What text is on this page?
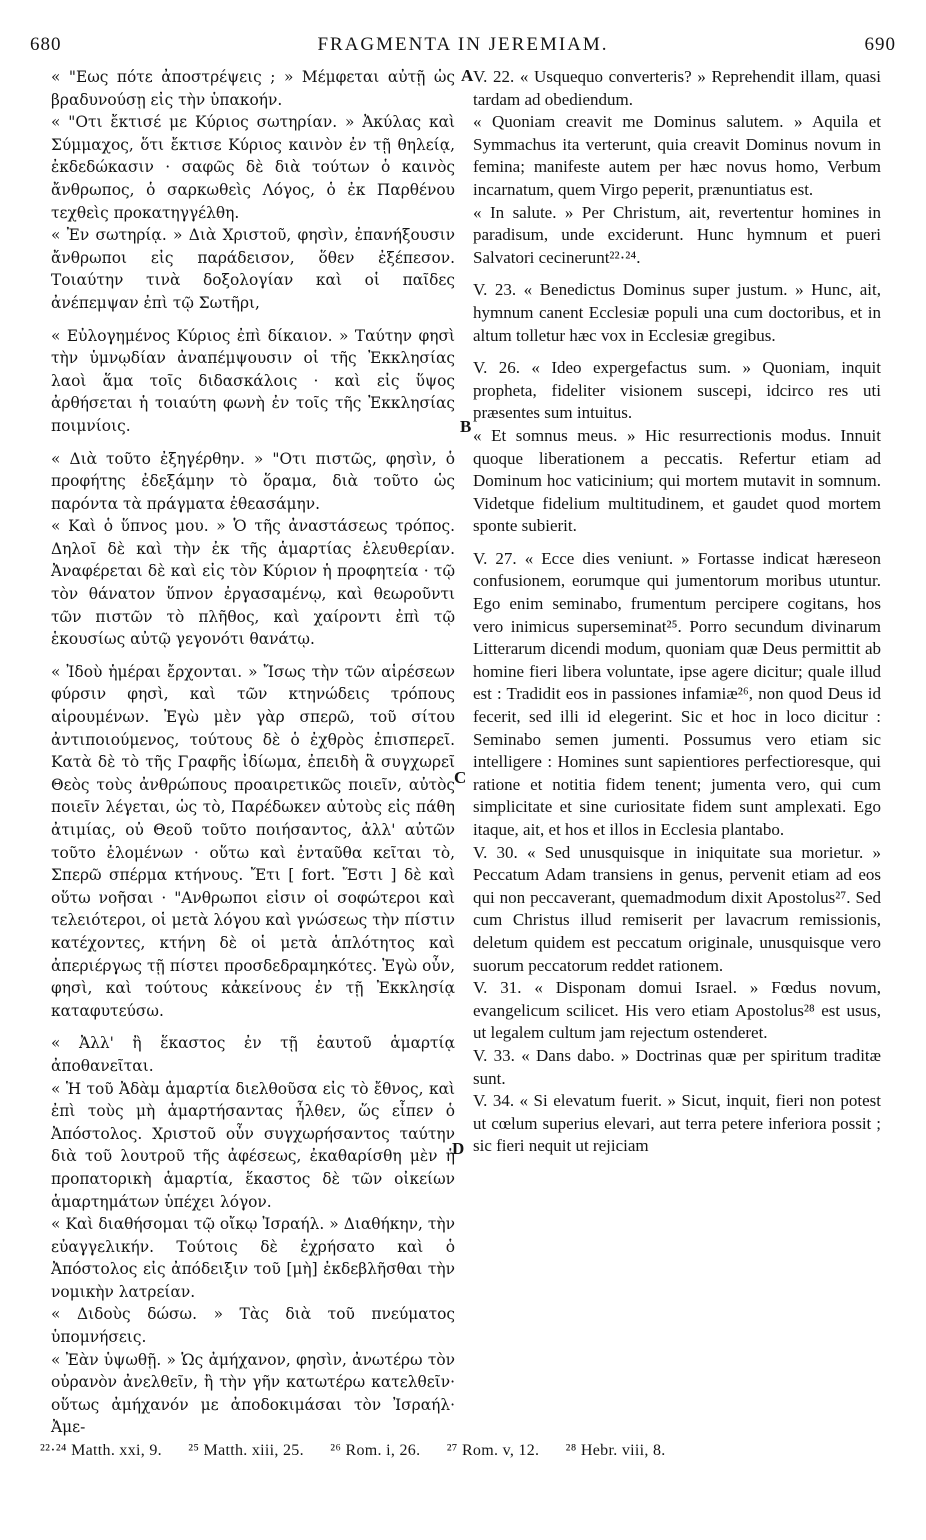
680	FRAGMENTA IN JEREMIAM.	690

« "Εως πότε ἀποστρέψεις ; » Μέμφεται αὐτῇ ὡς βραδυνούσῃ εἰς τὴν ὑπακοήν.

« "Οτι ἔκτισέ με Κύριος σωτηρίαν. » Ἀκύλας καὶ Σύμμαχος, ὅτι ἔκτισε Κύριος καινὸν ἐν τῇ θηλείᾳ, ἐκδεδώκασιν · σαφῶς δὲ διὰ τούτων ὁ καινὸς ἄνθρωπος, ὁ σαρκωθεὶς Λόγος, ὁ ἐκ Παρθένου τεχθεὶς προκατηγγέλθη.

« Ἐν σωτηρίᾳ. » Διὰ Χριστοῦ, φησὶν, ἐπανήξουσιν ἄνθρωποι εἰς παράδεισον, ὅθεν ἐξέπεσον. Τοιαύτην τινὰ δοξολογίαν καὶ οἱ παῖδες ἀνέπεμψαν ἐπὶ τῷ Σωτῆρι,

« Εὐλογημένος Κύριος ἐπὶ δίκαιον. » Ταύτην φησὶ τὴν ὑμνῳδίαν ἀναπέμψουσιν οἱ τῆς Ἐκκλησίας λαοὶ ἅμα τοῖς διδασκάλοις · καὶ εἰς ὕψος ἀρθήσεται ἡ τοιαύτη φωνὴ ἐν τοῖς τῆς Ἐκκλησίας ποιμνίοις.

« Διὰ τοῦτο ἐξηγέρθην. » "Οτι πιστῶς, φησὶν, ὁ προφήτης ἐδεξάμην τὸ ὅραμα, διὰ τοῦτο ὡς παρόντα τὰ πράγματα ἐθεασάμην.

« Καὶ ὁ ὕπνος μου. » Ὁ τῆς ἀναστάσεως τρόπος. Δηλοῖ δὲ καὶ τὴν ἐκ τῆς ἁμαρτίας ἐλευθερίαν. Ἀναφέρεται δὲ καὶ εἰς τὸν Κύριον ἡ προφητεία · τῷ τὸν θάνατον ὕπνον ἐργασαμένῳ, καὶ θεωροῦντι τῶν πιστῶν τὸ πλῆθος, καὶ χαίροντι ἐπὶ τῷ ἑκουσίως αὐτῷ γεγονότι θανάτῳ.

« Ἰδοὺ ἡμέραι ἔρχονται. » Ἴσως τὴν τῶν αἱρέσεων φύρσιν φησὶ, καὶ τῶν κτηνώδεις τρόπους αἱρουμένων. Ἐγὼ μὲν γὰρ σπερῶ, τοῦ σίτου ἀντιποιούμενος, τούτους δὲ ὁ ἐχθρὸς ἐπισπερεῖ. Κατὰ δὲ τὸ τῆς Γραφῆς ἰδίωμα, ἐπειδὴ ἃ συγχωρεῖ Θεὸς τοὺς ἀνθρώπους προαιρετικῶς ποιεῖν, αὐτὸς ποιεῖν λέγεται, ὡς τὸ, Παρέδωκεν αὐτοὺς εἰς πάθη ἀτιμίας, οὐ Θεοῦ τοῦτο ποιήσαντος, ἀλλ' αὐτῶν τοῦτο ἑλομένων · οὕτω καὶ ἐνταῦθα κεῖται τὸ, Σπερῶ σπέρμα κτήνους. Ἔτι [ fort. Ἔστι ] δὲ καὶ οὕτω νοῆσαι · "Ανθρωποι εἰσιν οἱ σοφώτεροι καὶ τελειότεροι, οἱ μετὰ λόγου καὶ γνώσεως τὴν πίστιν κατέχοντες, κτήνη δὲ οἱ μετὰ ἁπλότητος καὶ ἀπεριέργως τῇ πίστει προσδεδραμηκότες. Ἐγὼ οὖν, φησὶ, καὶ τούτους κἀκείνους ἐν τῇ Ἐκκλησίᾳ καταφυτεύσω.

« Ἀλλ' ἢ ἕκαστος ἐν τῇ ἑαυτοῦ ἁμαρτίᾳ ἀποθανεῖται.

« Ἡ τοῦ Ἀδὰμ ἁμαρτία διελθοῦσα εἰς τὸ ἔθνος, καὶ ἐπὶ τοὺς μὴ ἁμαρτήσαντας ἦλθεν, ὥς εἶπεν ὁ Ἀπόστολος. Χριστοῦ οὖν συγχωρήσαντος ταύτην διὰ τοῦ λουτροῦ τῆς ἀφέσεως, ἐκαθαρίσθη μὲν ἡ προπατορικὴ ἁμαρτία, ἕκαστος δὲ τῶν οἰκείων ἁμαρτημάτων ὑπέχει λόγον.

« Καὶ διαθήσομαι τῷ οἴκῳ Ἰσραήλ. » Διαθήκην, τὴν εὐαγγελικήν. Τούτοις δὲ ἐχρήσατο καὶ ὁ Ἀπόστολος εἰς ἀπόδειξιν τοῦ [μὴ] ἐκδεβλῆσθαι τὴν νομικὴν λατρείαν.

« Διδοὺς δώσω. » Τὰς διὰ τοῦ πνεύματος ὑπομνήσεις.

« Ἐὰν ὑψωθῇ. » Ὡς ἀμήχανον, φησὶν, ἀνωτέρω τὸν οὐρανὸν ἀνελθεῖν, ἢ τὴν γῆν κατωτέρω κατελθεῖν· οὕτως ἀμήχανόν με ἀποδοκιμάσαι τὸν Ἰσραήλ· Ἀμε-

A
B
C
D

V. 22. « Usquequo converteris? » Reprehendit illam, quasi tardam ad obediendum.

« Quoniam creavit me Dominus salutem. » Aquila et Symmachus ita verterunt, quia creavit Dominus novum in femina; manifeste autem per hæc novus homo, Verbum incarnatum, quem Virgo peperit, prænuntiatus est.

« In salute. » Per Christum, ait, revertentur homines in paradisum, unde exciderunt. Hunc hymnum et pueri Salvatori cecinerunt²²·²⁴.

V. 23. « Benedictus Dominus super justum. » Hunc, ait, hymnum canent Ecclesiæ populi una cum doctoribus, et in altum tolletur hæc vox in Ecclesiæ gregibus.

V. 26. « Ideo expergefactus sum. » Quoniam, inquit propheta, fideliter visionem suscepi, idcirco res uti præsentes sum intuitus.

« Et somnus meus. » Hic resurrectionis modus. Innuit quoque liberationem a peccatis. Refertur etiam ad Dominum hoc vaticinium; qui mortem mutavit in somnum. Videtque fidelium multitudinem, et gaudet quod mortem sponte subierit.

V. 27. « Ecce dies veniunt. » Fortasse indicat hæreseon confusionem, eorumque qui jumentorum moribus utuntur. Ego enim seminabo, frumentum percipere cogitans, hos vero inimicus superseminat²⁵. Porro secundum divinarum Litterarum dicendi modum, quoniam quæ Deus permittit ab homine fieri libera voluntate, ipse agere dicitur; quale illud est : Tradidit eos in passiones infamiæ²⁶, non quod Deus id fecerit, sed illi id elegerint. Sic et hoc in loco dicitur : Seminabo semen jumenti. Possumus vero etiam sic intelligere : Homines sunt sapientiores perfectioresque, qui ratione et notitia fidem tenent; jumenta vero, qui cum simplicitate et sine curiositate fidem sunt amplexati. Ego itaque, ait, et hos et illos in Ecclesia plantabo.

V. 30. « Sed unusquisque in iniquitate sua morietur. » Peccatum Adam transiens in genus, pervenit etiam ad eos qui non peccaverant, quemadmodum dixit Apostolus²⁷. Sed cum Christus illud remiserit per lavacrum remissionis, deletum quidem est peccatum originale, unusquisque vero suorum peccatorum reddet rationem.

V. 31. « Disponam domui Israel. » Fœdus novum, evangelicum scilicet. His vero etiam Apostolus²⁸ est usus, ut legalem cultum jam rejectum ostenderet.

V. 33. « Dans dabo. » Doctrinas quæ per spiritum traditæ sunt.

V. 34. « Si elevatum fuerit. » Sicut, inquit, fieri non potest ut cœlum superius elevari, aut terra petere inferiora possit ; sic fieri nequit ut rejiciam

²²·²⁴ Matth. xxi, 9. ²⁵ Matth. xiii, 25. ²⁶ Rom. i, 26. ²⁷ Rom. v, 12. ²⁸ Hebr. viii, 8.
